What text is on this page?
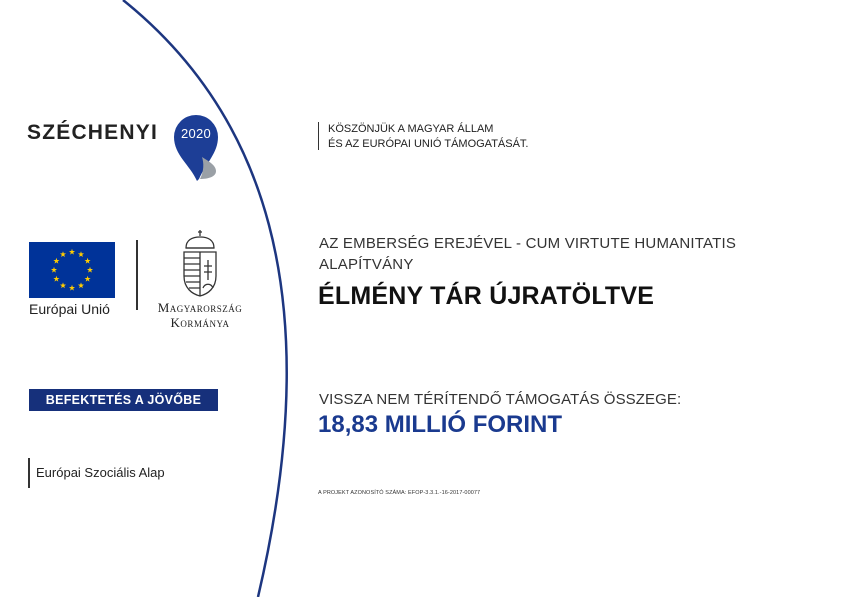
SZÉCHENYI	2020
Európai Unió	Magyarország
Kormánya
BEFEKTETÉS A JÖVŐBE
Európai Szociális Alap
KÖSZÖNJÜK A MAGYAR ÁLLAM
ÉS AZ EURÓPAI UNIÓ TÁMOGATÁSÁT.
AZ EMBERSÉG EREJÉVEL - CUM VIRTUTE HUMANITATIS
ALAPÍTVÁNY
ÉLMÉNY TÁR ÚJRATÖLTVE
VISSZA NEM TÉRÍTENDŐ TÁMOGATÁS ÖSSZEGE:
18,83 MILLIÓ FORINT
A PROJEKT AZONOSÍTÓ SZÁMA: EFOP-3.3.1.-16-2017-00077
